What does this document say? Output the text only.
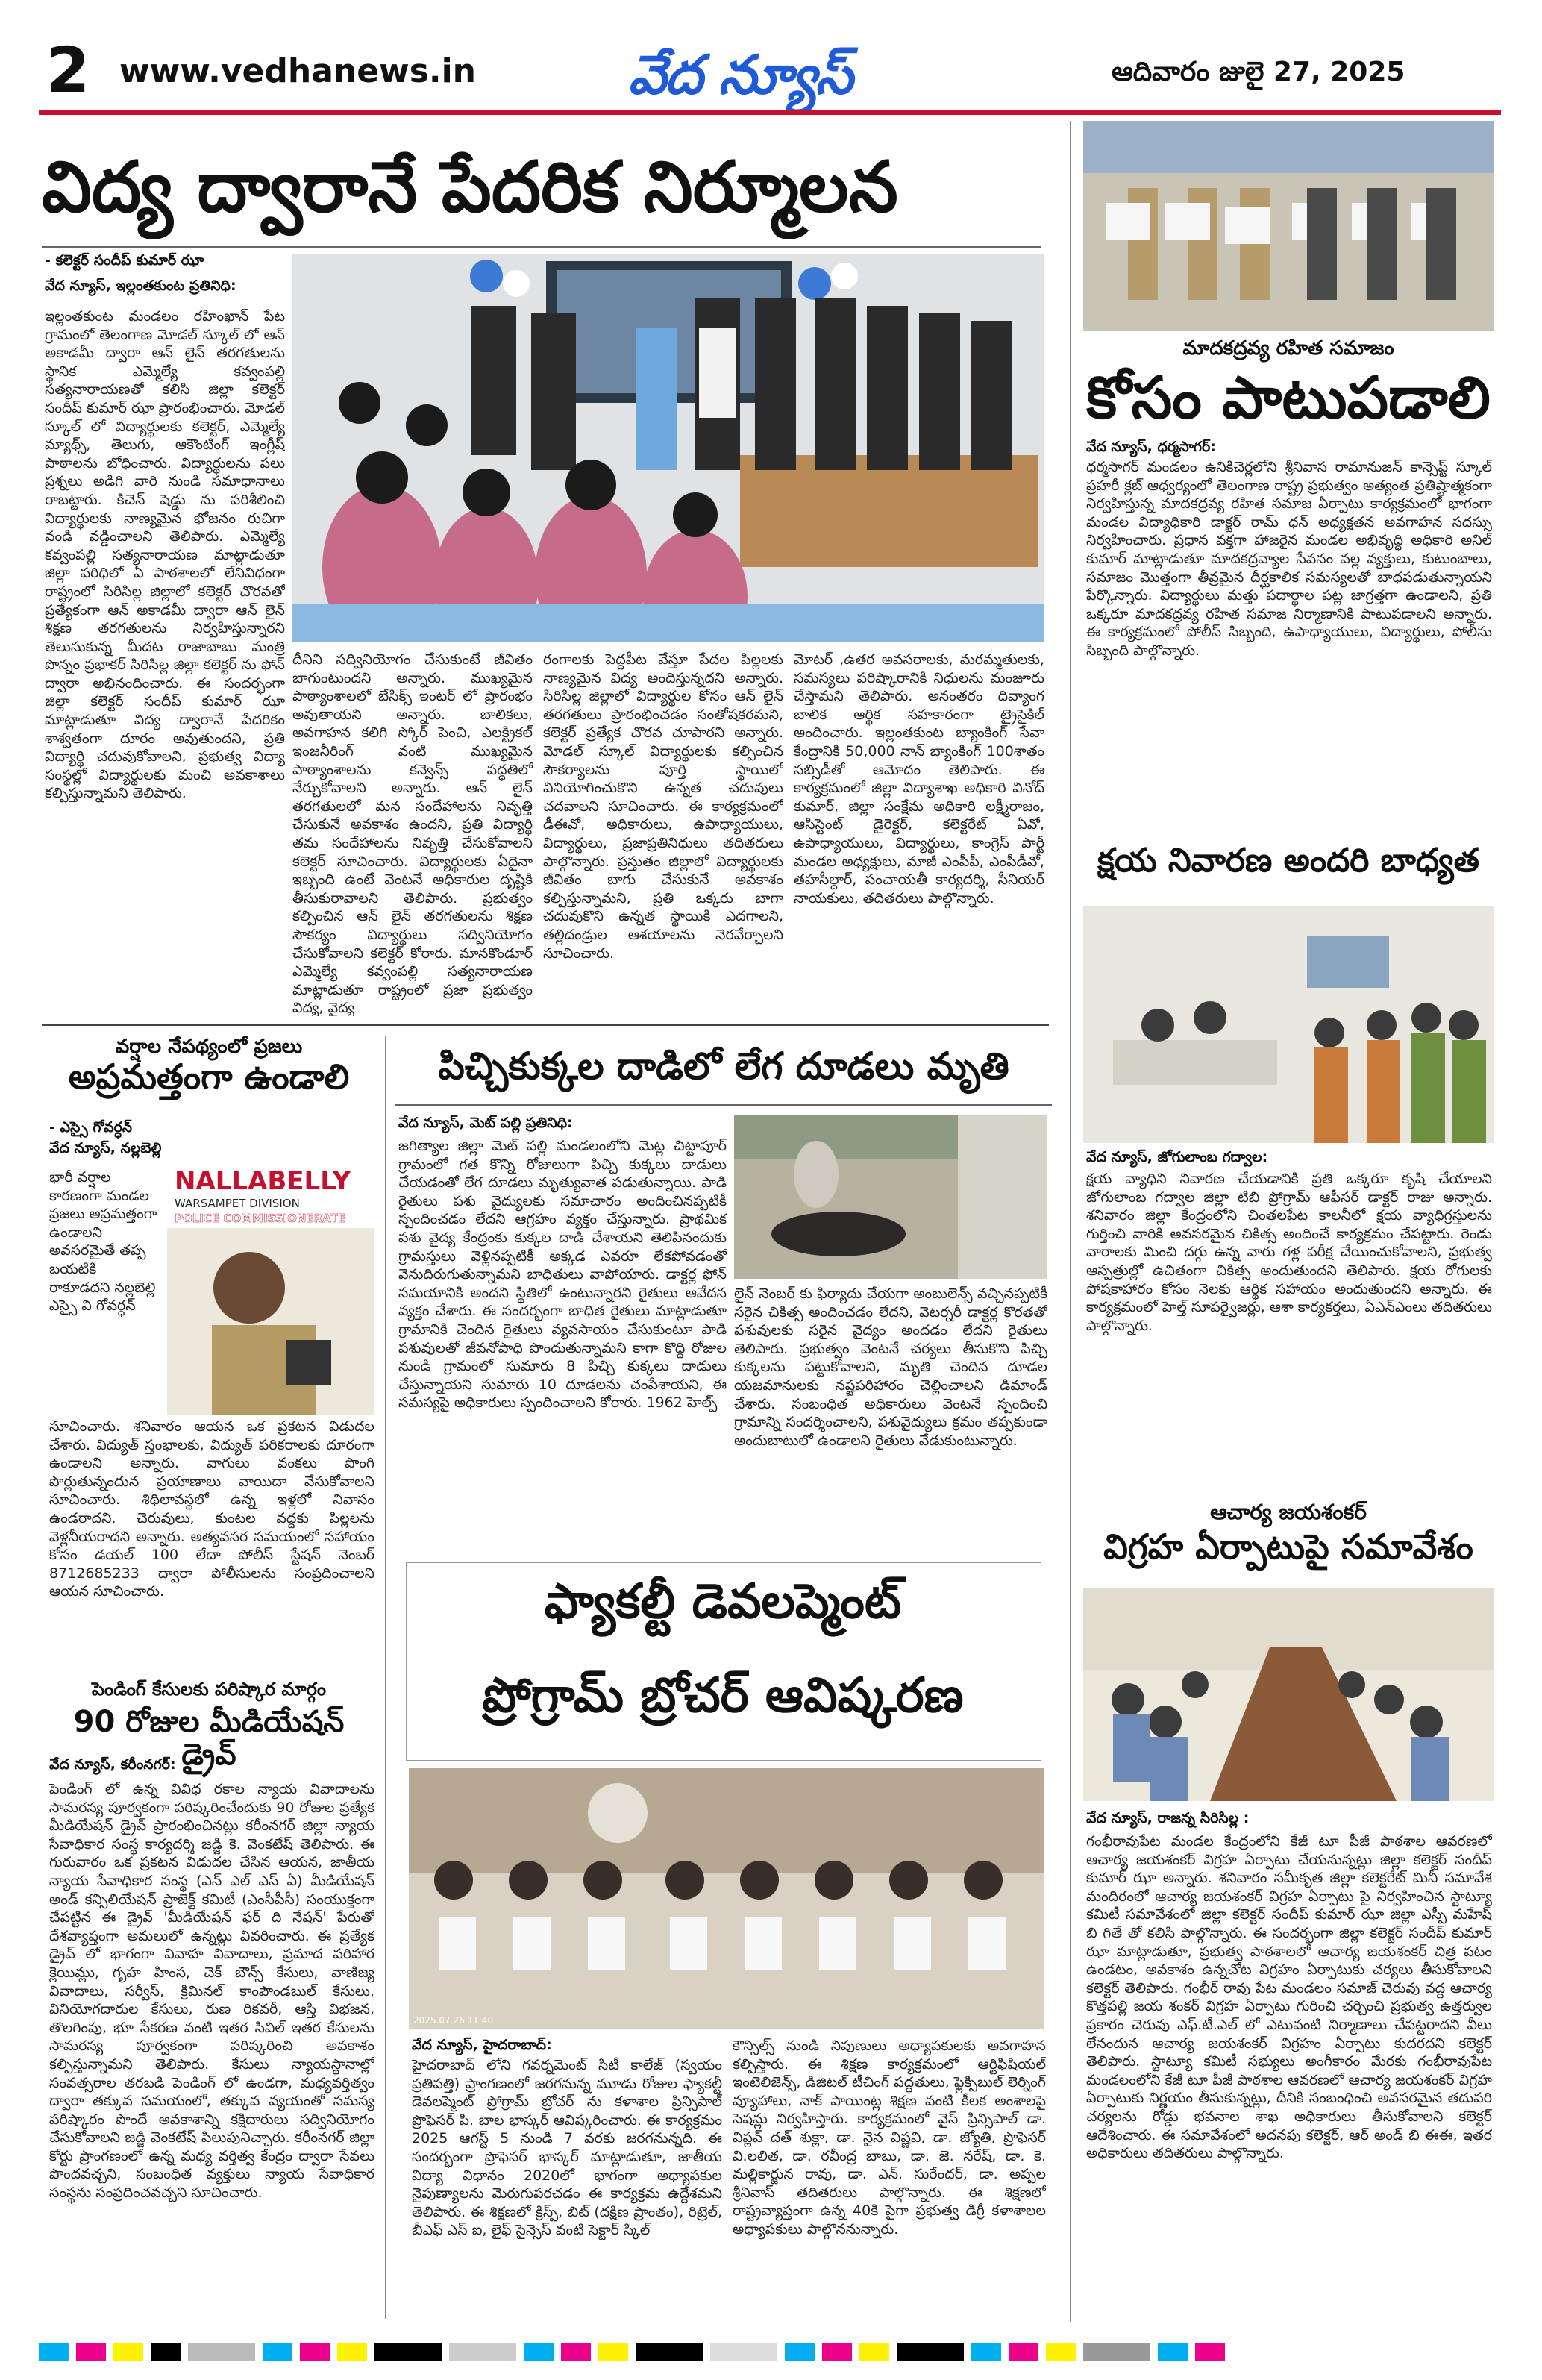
2 www.vedhanews.in	వేద న్యూస్	ఆదివారం జులై 27, 2025
విద్య ద్వారానే పేదరిక నిర్మూలన
- కలెక్టర్ సందీప్ కుమార్ ఝా
వేద న్యూస్, ఇల్లంతకుంట ప్రతినిధి:
ఇల్లంతకుంట మండలం రహింఖాన్ పేట గ్రామంలో తెలంగాణ మోడల్ స్కూల్ లో ఆన్ అకాడమీ ద్వారా ఆన్ లైన్ తరగతులను స్థానిక ఎమ్మెల్యే కవ్వంపల్లి సత్యనారాయణతో కలిసి జిల్లా కలెక్టర్ సందీప్ కుమార్ ఝా ప్రారంభించారు. మోడల్ స్కూల్ లో విద్యార్థులకు కలెక్టర్, ఎమ్మెల్యే మ్యాథ్స్, తెలుగు, ఆకౌంటింగ్ ఇంగ్లీష్ పాఠాలను బోధించారు. విద్యార్థులను పలు ప్రశ్నలు అడిగి వారి నుండి సమాధానాలు రాబట్టారు. కిచెన్ షెడ్డు ను పరిశీలించి విద్యార్థులకు నాణ్యమైన భోజనం రుచిగా వండి వడ్డించాలని తెలిపారు. ఎమ్మెల్యే కవ్వంపల్లి సత్యనారాయణ మాట్లాడుతూ జిల్లా పరిధిలో ఏ పాఠశాలలో లేనివిధంగా రాష్ట్రంలో సిరిసిల్ల జిల్లాలో కలెక్టర్ చొరవతో ప్రత్యేకంగా ఆన్ అకాడమీ ద్వారా ఆన్ లైన్ శిక్షణ తరగతులను నిర్వహిస్తున్నారని తెలుసుకున్న మీదట రాజాబాబు మంత్రి పొన్నం ప్రభాకర్ సిరిసిల్ల జిల్లా కలెక్టర్ ను ఫోన్ ద్వారా అభినందించారు. ఈ సందర్భంగా జిల్లా కలెక్టర్ సందీప్ కుమార్ ఝా మాట్లాడుతూ విద్య ద్వారానే పేదరికం శాశ్వతంగా దూరం అవుతుందని, ప్రతి విద్యార్థి చదువుకోవాలని, ప్రభుత్వ విద్యా సంస్థల్లో విద్యార్థులకు మంచి అవకాశాలు కల్పిస్తున్నామని తెలిపారు.
దీనిని సద్వినియోగం చేసుకుంటే జీవితం బాగుంటుందని అన్నారు. ముఖ్యమైన పాఠ్యాంశాలలో బేసిక్స్ ఇంటర్ లో ప్రారంభం అవుతాయని అన్నారు. బాలికలు, అవగాహన కలిగి స్కోర్ పెంచి, ఎలక్ట్రికల్ ఇంజనీరింగ్ వంటి ముఖ్యమైన పాఠ్యాంశాలను కన్వెన్స్ పద్ధతిలో నేర్చుకోవాలని అన్నారు. ఆన్ లైన్ తరగతులలో మన సందేహాలను నివృత్తి చేసుకునే అవకాశం ఉందని, ప్రతి విద్యార్థి తమ సందేహాలను నివృత్తి చేసుకోవాలని కలెక్టర్ సూచించారు. విద్యార్థులకు ఏదైనా ఇబ్బంది ఉంటే వెంటనే అధికారుల దృష్టికి తీసుకురావాలని తెలిపారు. ప్రభుత్వం కల్పించిన ఆన్ లైన్ తరగతులను శిక్షణ సౌకర్యం విద్యార్థులు సద్వినియోగం చేసుకోవాలని కలెక్టర్ కోరారు. మానకొండూర్ ఎమ్మెల్యే కవ్వంపల్లి సత్యనారాయణ మాట్లాడుతూ రాష్ట్రంలో ప్రజా ప్రభుత్వం విద్య, వైద్య
రంగాలకు పెద్దపీట వేస్తూ పేదల పిల్లలకు నాణ్యమైన విద్య అందిస్తున్నదని అన్నారు. సిరిసిల్ల జిల్లాలో విద్యార్థుల కోసం ఆన్ లైన్ తరగతులు ప్రారంభించడం సంతోషకరమని, కలెక్టర్ ప్రత్యేక చొరవ చూపారని అన్నారు. మోడల్ స్కూల్ విద్యార్థులకు కల్పించిన సౌకర్యాలను పూర్తి స్థాయిలో వినియోగించుకొని ఉన్నత చదువులు చదవాలని సూచించారు. ఈ కార్యక్రమంలో డీఈవో, అధికారులు, ఉపాధ్యాయులు, విద్యార్థులు, ప్రజాప్రతినిధులు తదితరులు పాల్గొన్నారు. ప్రస్తుతం జిల్లాలో విద్యార్థులకు జీవితం బాగు చేసుకునే అవకాశం కల్పిస్తున్నామని, ప్రతి ఒక్కరు బాగా చదువుకొని ఉన్నత స్థాయికి ఎదగాలని, తల్లిదండ్రుల ఆశయాలను నెరవేర్చాలని సూచించారు.
మోటర్ ,ఉతర అవసరాలకు, మరమ్మతులకు, సమస్యలు పరిష్కారానికి నిధులను మంజూరు చేస్తామని తెలిపారు. అనంతరం దివ్యాంగ బాలిక ఆర్థిక సహకారంగా ట్రైసైకిల్ అందించారు. ఇల్లంతకుంట బ్యాంకింగ్ సేవా కేంద్రానికి 50,000 నాన్ బ్యాంకింగ్ 100శాతం సబ్సిడీతో ఆమోదం తెలిపారు. ఈ కార్యక్రమంలో జిల్లా విద్యాశాఖ అధికారి వినోద్ కుమార్, జిల్లా సంక్షేమ అధికారి లక్ష్మీరాజం, ఆసిస్టెంట్ డైరెక్టర్, కలెక్టరేట్ ఏవో, ఉపాధ్యాయులు, విద్యార్థులు, కాంగ్రెస్ పార్టీ మండల అధ్యక్షులు, మాజీ ఎంపీపీ, ఎంపీడీవో, తహసీల్దార్, పంచాయతీ కార్యదర్శి, సీనియర్ నాయకులు, తదితరులు పాల్గొన్నారు.
మాదకద్రవ్య రహిత సమాజం
కోసం పాటుపడాలి
వేద న్యూస్, ధర్మసాగర్:
ధర్మసాగర్ మండలం ఉనికిచెర్లలోని శ్రీనివాస రామానుజన్ కాన్సెప్ట్ స్కూల్ ప్రహరీ క్లబ్ ఆధ్వర్యంలో తెలంగాణ రాష్ట్ర ప్రభుత్వం అత్యంత ప్రతిష్టాత్మకంగా నిర్వహిస్తున్న మాదకద్రవ్య రహిత సమాజ ఏర్పాటు కార్యక్రమంలో భాగంగా మండల విద్యాధికారి డాక్టర్ రామ్ ధన్ అధ్యక్షతన అవగాహన సదస్సు నిర్వహించారు. ప్రధాన వక్తగా హాజరైన మండల అభివృద్ధి అధికారి అనిల్ కుమార్ మాట్లాడుతూ మాదకద్రవ్యాల సేవనం వల్ల వ్యక్తులు, కుటుంబాలు, సమాజం మొత్తంగా తీవ్రమైన దీర్ఘకాలిక సమస్యలతో బాధపడుతున్నాయని పేర్కొన్నారు. విద్యార్థులు మత్తు పదార్థాల పట్ల జాగ్రత్తగా ఉండాలని, ప్రతి ఒక్కరూ మాదకద్రవ్య రహిత సమాజ నిర్మాణానికి పాటుపడాలని అన్నారు. ఈ కార్యక్రమంలో పోలీస్ సిబ్బంది, ఉపాధ్యాయులు, విద్యార్థులు, పోలీసు సిబ్బంది పాల్గొన్నారు.
క్షయ నివారణ అందరి బాధ్యత
వేద న్యూస్, జోగులాంబ గద్వాల:
క్షయ వ్యాధిని నివారణ చేయడానికి ప్రతి ఒక్కరూ కృషి చేయాలని జోగులాంబ గద్వాల జిల్లా టిబి ప్రోగ్రామ్ ఆఫీసర్ డాక్టర్ రాజు అన్నారు. శనివారం జిల్లా కేంద్రంలోని చింతలపేట కాలనీలో క్షయ వ్యాధిగ్రస్తులను గుర్తించి వారికి అవసరమైన చికిత్స అందించే కార్యక్రమం చేపట్టారు. రెండు వారాలకు మించి దగ్గు ఉన్న వారు గళ్ల పరీక్ష చేయించుకోవాలని, ప్రభుత్వ ఆస్పత్రుల్లో ఉచితంగా చికిత్స అందుతుందని తెలిపారు. క్షయ రోగులకు పోషకాహారం కోసం నెలకు ఆర్థిక సహాయం అందుతుందని అన్నారు. ఈ కార్యక్రమంలో హెల్త్ సూపర్వైజర్లు, ఆశా కార్యకర్తలు, ఏఎన్ఎంలు తదితరులు పాల్గొన్నారు.
వర్షాల నేపథ్యంలో ప్రజలు
అప్రమత్తంగా ఉండాలి
- ఎస్సై గోవర్ధన్
వేద న్యూస్, నల్లబెల్లి
భారీ వర్షాల కారణంగా మండల ప్రజలు అప్రమత్తంగా ఉండాలని అవసరమైతే తప్ప బయటికి రాకూడదని నల్లబెల్లి ఎస్సై వి గోవర్ధన్
NALLABELLY
WARSAMPET DIVISION
POLICE COMMISSIONERATE
సూచించారు. శనివారం ఆయన ఒక ప్రకటన విడుదల చేశారు. విద్యుత్ స్తంభాలకు, విద్యుత్ పరికరాలకు దూరంగా ఉండాలని అన్నారు. వాగులు వంకలు పొంగి పొర్లుతున్నందున ప్రయాణాలు వాయిదా వేసుకోవాలని సూచించారు. శిథిలావస్థలో ఉన్న ఇళ్లలో నివాసం ఉండరాదని, చెరువులు, కుంటల వద్దకు పిల్లలను వెళ్లనీయరాదని అన్నారు. అత్యవసర సమయంలో సహాయం కోసం డయల్ 100 లేదా పోలీస్ స్టేషన్ నెంబర్ 8712685233 ద్వారా పోలీసులను సంప్రదించాలని ఆయన సూచించారు.
పెండింగ్ కేసులకు పరిష్కార మార్గం
90 రోజుల మీడియేషన్ డ్రైవ్
వేద న్యూస్, కరీంనగర్:
పెండింగ్ లో ఉన్న వివిధ రకాల న్యాయ వివాదాలను సామరస్య పూర్వకంగా పరిష్కరించేందుకు 90 రోజుల ప్రత్యేక మీడియేషన్ డ్రైవ్ ప్రారంభించినట్లు కరీంనగర్ జిల్లా న్యాయ సేవాధికార సంస్థ కార్యదర్శి జడ్జి కె. వెంకటేష్ తెలిపారు. ఈ గురువారం ఒక ప్రకటన విడుదల చేసిన ఆయన, జాతీయ న్యాయ సేవాధికార సంస్థ (ఎన్ ఎల్ ఎస్ ఏ) మీడియేషన్ అండ్ కన్సిలియేషన్ ప్రాజెక్ట్ కమిటీ (ఎంసీపీసీ) సంయుక్తంగా చేపట్టిన ఈ డ్రైవ్ 'మీడియేషన్ ఫర్ ది నేషన్' పేరుతో దేశవ్యాప్తంగా అమలులో ఉన్నట్లు వివరించారు. ఈ ప్రత్యేక డ్రైవ్ లో భాగంగా వివాహ వివాదాలు, ప్రమాద పరిహార క్లెయిమ్లు, గృహ హింస, చెక్ బౌన్స్ కేసులు, వాణిజ్య వివాదాలు, సర్వీస్, క్రిమినల్ కాంపౌండబుల్ కేసులు, వినియోగదారుల కేసులు, రుణ రికవరీ, ఆస్తి విభజన, తొలగింపు, భూ సేకరణ వంటి ఇతర సివిల్ ఇతర కేసులను సామరస్య పూర్వకంగా పరిష్కరించి అవకాశం కల్పిస్తున్నామని తెలిపారు. కేసులు న్యాయస్థానాల్లో సంవత్సరాల తరబడి పెండింగ్ లో ఉండగా, మధ్యవర్తిత్వం ద్వారా తక్కువ సమయంలో, తక్కువ వ్యయంతో సమస్య పరిష్కారం పొందే అవకాశాన్ని కక్షిదారులు సద్వినియోగం చేసుకోవాలని జడ్జి వెంకటేష్ పిలుపునిచ్చారు. కరీంనగర్ జిల్లా కోర్టు ప్రాంగణంలో ఉన్న మధ్య వర్తిత్వ కేంద్రం ద్వారా సేవలు పొందవచ్చని, సంబంధిత వ్యక్తులు న్యాయ సేవాధికార సంస్థను సంప్రదించవచ్చని సూచించారు.
పిచ్చికుక్కల దాడిలో లేగ దూడలు మృతి
వేద న్యూస్, మెట్ పల్లి ప్రతినిధి:
జగిత్యాల జిల్లా మెట్ పల్లి మండలంలోని మెట్ల చిట్టాపూర్ గ్రామంలో గత కొన్ని రోజులుగా పిచ్చి కుక్కలు దాడులు చేయడంతో లేగ దూడలు మృత్యువాత పడుతున్నాయి. పాడి రైతులు పశు వైద్యులకు సమాచారం అందించినప్పటికీ స్పందించడం లేదని ఆగ్రహం వ్యక్తం చేస్తున్నారు. ప్రాథమిక పశు వైద్య కేంద్రంకు కుక్కల దాడి చేశాయని తెలిపినందుకు గ్రామస్తులు వెళ్లినప్పటికీ అక్కడ ఎవరూ లేకపోవడంతో వెనుదిరుగుతున్నామని బాధితులు వాపోయారు. డాక్టర్ల ఫోన్ సమయానికి అందని స్థితిలో ఉంటున్నారని రైతులు ఆవేదన వ్యక్తం చేశారు. ఈ సందర్భంగా బాధిత రైతులు మాట్లాడుతూ గ్రామానికి చెందిన రైతులు వ్యవసాయం చేసుకుంటూ పాడి పశువులతో జీవనోపాధి పొందుతున్నామని కాగా కొద్ది రోజుల నుండి గ్రామంలో సుమారు 8 పిచ్చి కుక్కలు దాడులు చేస్తున్నాయని సుమారు 10 దూడలను చంపేశాయని, ఈ సమస్యపై అధికారులు స్పందించాలని కోరారు. 1962 హెల్ప్
లైన్ నెంబర్ కు ఫిర్యాదు చేయగా అంబులెన్స్ వచ్చినప్పటికీ సరైన చికిత్స అందించడం లేదని, వెటర్నరీ డాక్టర్ల కొరతతో పశువులకు సరైన వైద్యం అందడం లేదని రైతులు తెలిపారు. ప్రభుత్వం వెంటనే చర్యలు తీసుకొని పిచ్చి కుక్కలను పట్టుకోవాలని, మృతి చెందిన దూడల యజమానులకు నష్టపరిహారం చెల్లించాలని డిమాండ్ చేశారు. సంబంధిత అధికారులు వెంటనే స్పందించి గ్రామాన్ని సందర్శించాలని, పశువైద్యులు క్రమం తప్పకుండా అందుబాటులో ఉండాలని రైతులు వేడుకుంటున్నారు.
ఫ్యాకల్టీ డెవలప్మెంట్
ప్రోగ్రామ్ బ్రోచర్ ఆవిష్కరణ
2025.07.26 11:40
వేద న్యూస్, హైదరాబాద్:
హైదరాబాద్ లోని గవర్నమెంట్ సిటీ కాలేజ్ (స్వయం ప్రతిపత్తి) ప్రాంగణంలో జరగనున్న మూడు రోజుల ఫ్యాకల్టీ డెవలప్మెంట్ ప్రోగ్రామ్ బ్రోచర్ ను కళాశాల ప్రిన్సిపాల్ ప్రొఫెసర్ పి. బాల భాస్కర్ ఆవిష్కరించారు. ఈ కార్యక్రమం 2025 ఆగస్ట్ 5 నుండి 7 వరకు జరగనున్నది. ఈ సందర్భంగా ప్రొఫెసర్ భాస్కర్ మాట్లాడుతూ, జాతీయ విద్యా విధానం 2020లో భాగంగా అధ్యాపకుల నైపుణ్యాలను మెరుగుపరచడం ఈ కార్యక్రమ ఉద్దేశమని తెలిపారు. ఈ శిక్షణలో క్రిస్ప్, బిట్ (దక్షిణ ప్రాంతం), రిట్రెల్, బీఎఫ్ ఎస్ ఐ, లైఫ్ సైన్సెస్ వంటి సెక్టార్ స్కిల్
కౌన్సిల్స్ నుండి నిపుణులు అధ్యాపకులకు అవగాహన కల్పిస్తారు. ఈ శిక్షణ కార్యక్రమంలో ఆర్టిఫిషియల్ ఇంటెలిజెన్స్, డిజిటల్ టీచింగ్ పద్ధతులు, ఫ్లెక్సిబుల్ లెర్నింగ్ వ్యూహాలు, నాక్ పాయింట్ల శిక్షణ వంటి కీలక అంశాలపై సెషన్లు నిర్వహిస్తారు. కార్యక్రమంలో వైస్ ప్రిన్సిపాల్ డా. విప్లవ్ దత్ శుక్లా, డా. నైన విష్ణవి, డా. జ్యోతి, ప్రొఫెసర్ వి.లలిత, డా. రవీంద్ర బాబు, డా. జె. నరేష్, డా. కె. మల్లికార్జున రావు, డా. ఎన్. సురేందర్, డా. అప్పల శ్రీనివాస్ తదితరులు పాల్గొన్నారు. ఈ శిక్షణలో రాష్ట్రవ్యాప్తంగా ఉన్న 40కి పైగా ప్రభుత్వ డిగ్రీ కళాశాలల అధ్యాపకులు పాల్గొననున్నారు.
ఆచార్య జయశంకర్
విగ్రహ ఏర్పాటుపై సమావేశం
వేద న్యూస్, రాజన్న సిరిసిల్ల :
గంభీరావుపేట మండల కేంద్రంలోని కేజీ టూ పీజీ పాఠశాల ఆవరణలో ఆచార్య జయశంకర్ విగ్రహ ఏర్పాటు చేయనున్నట్లు జిల్లా కలెక్టర్ సందీప్ కుమార్ ఝా అన్నారు. శనివారం సమీకృత జిల్లా కలెక్టరేట్ మినీ సమావేశ మందిరంలో ఆచార్య జయశంకర్ విగ్రహ ఏర్పాటు పై నిర్వహించిన స్టాట్యూ కమిటీ సమావేశంలో జిల్లా కలెక్టర్ సందీప్ కుమార్ ఝా జిల్లా ఎస్పీ మహేష్ బి గితే తో కలిసి పాల్గొన్నారు. ఈ సందర్భంగా జిల్లా కలెక్టర్ సందీప్ కుమార్ ఝా మాట్లాడుతూ, ప్రభుత్వ పాఠశాలలో ఆచార్య జయశంకర్ చిత్ర పటం ఉండటం, అవకాశం ఉన్నచోట విగ్రహం ఏర్పాటుకు చర్యలు తీసుకోవాలని కలెక్టర్ తెలిపారు. గంభీర్ రావు పేట మండలం సమాజ్ చెరువు వద్ద ఆచార్య కొత్తపల్లి జయ శంకర్ విగ్రహ ఏర్పాటు గురించి చర్చించి ప్రభుత్వ ఉత్తర్వుల ప్రకారం చెరువు ఎఫ్.టీ.ఎల్ లో ఎటువంటి నిర్మాణాలు చేపట్టరాదని వీలు లేనందున ఆచార్య జయశంకర్ విగ్రహం ఏర్పాటు కుదరదని కలెక్టర్ తెలిపారు. స్టాట్యూ కమిటీ సభ్యులు అంగీకారం మేరకు గంభీరావుపేట మండలంలోని కేజీ టూ పీజీ పాఠశాల ఆవరణలో ఆచార్య జయశంకర్ విగ్రహ ఏర్పాటుకు నిర్ణయం తీసుకున్నట్లు, దీనికి సంబంధించి అవసరమైన తదుపరి చర్యలను రోడ్డు భవనాల శాఖ అధికారులు తీసుకోవాలని కలెక్టర్ ఆదేశించారు. ఈ సమావేశంలో అదనపు కలెక్టర్, ఆర్ అండ్ బి ఈఈ, ఇతర అధికారులు తదితరులు పాల్గొన్నారు.
